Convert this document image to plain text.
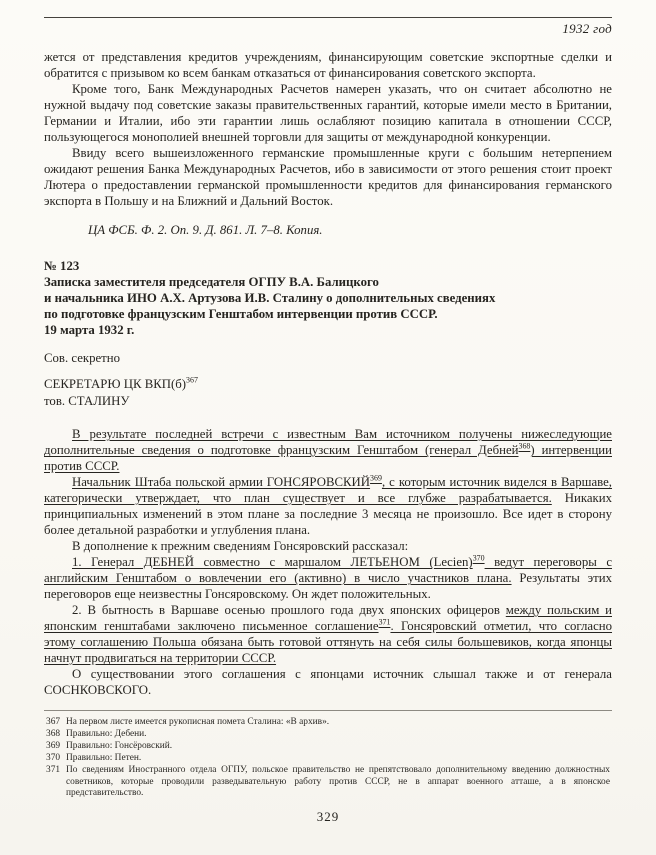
1932 год

жется от представления кредитов учреждениям, финансирующим советские экспортные сделки и обратится с призывом ко всем банкам отказаться от финансирования советского экспорта.

Кроме того, Банк Международных Расчетов намерен указать, что он считает абсолютно не нужной выдачу под советские заказы правительственных гарантий, которые имели место в Британии, Германии и Италии, ибо эти гарантии лишь ослабляют позицию капитала в отношении СССР, пользующегося монополией внешней торговли для защиты от международной конкуренции.

Ввиду всего вышеизложенного германские промышленные круги с большим нетерпением ожидают решения Банка Международных Расчетов, ибо в зависимости от этого решения стоит проект Лютера о предоставлении германской промышленности кредитов для финансирования германского экспорта в Польшу и на Ближний и Дальний Восток.

ЦА ФСБ. Ф. 2. Оп. 9. Д. 861. Л. 7–8. Копия.

№ 123

Записка заместителя председателя ОГПУ В.А. Балицкого

и начальника ИНО А.Х. Артузова И.В. Сталину о дополнительных сведениях

по подготовке французским Генштабом интервенции против СССР.

19 марта 1932 г.

Сов. секретно

СЕКРЕТАРЮ ЦК $ВКП(б)^{367}$

тов. СТАЛИНУ

В результате последней встречи с известным Вам источником получены нижеследующие дополнительные сведения о подготовке французским Генштабом (генерал Дебней$^{368}$) интервенции против СССР.

Начальник Штаба польской армии ГОНСЯРОВСКИЙ$^{369}$, с которым источник виделся в Варшаве, категорически утверждает, что план существует и все глубже разрабатывается. Никаких принципиальных изменений в этом плане за последние 3 месяца не произошло. Все идет в сторону более детальной разработки и углубления плана.

В дополнение к прежним сведениям Гонсяровский рассказал:

1. Генерал ДЕБНЕЙ совместно с маршалом ЛЕТЬЕНОМ (Lecien)$^{370}$ ведут переговоры с английским Генштабом о вовлечении его (активно) в число участников плана. Результаты этих переговоров еще неизвестны Гонсяровскому. Он ждет положительных.

2. В бытность в Варшаве осенью прошлого года двух японских офицеров между польским и японским генштабами заключено письменное соглашение$^{371}$. Гонсяровский отметил, что согласно этому соглашению Польша обязана быть готовой оттянуть на себя силы большевиков, когда японцы начнут продвигаться на территории СССР.

О существовании этого соглашения с японцами источник слышал также и от генерала СОСНКОВСКОГО.

367 На первом листе имеется рукописная помета Сталина: «В архив».
368 Правильно: Дебени.
369 Правильно: Гонсёровский.
370 Правильно: Петен.
371 По сведениям Иностранного отдела ОГПУ, польское правительство не препятствовало дополнительному введению должностных советников, которые проводили разведывательную работу против СССР, не в аппарат военного атташе, а в японское представительство.
329
